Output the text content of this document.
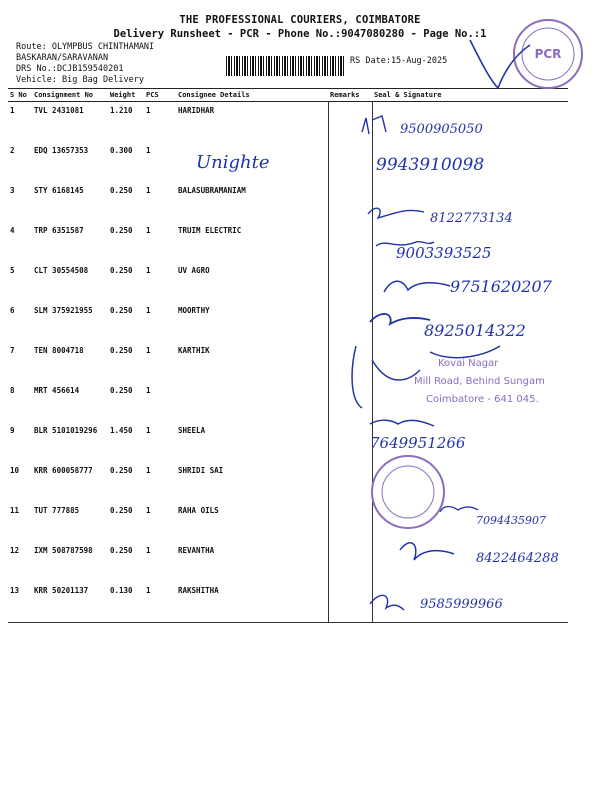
THE PROFESSIONAL COURIERS, COIMBATORE
Delivery Runsheet - PCR - Phone No.:9047080280 - Page No.:1
Route: OLYMPBUS CHINTHAMANI
BASKARAN/SARAVANAN
DRS No.:DCJB159540201
Vehicle: Big Bag Delivery
RS Date:15-Aug-2025
S No	Consignment No	Weight	PCS	Consignee Details	Remarks	Seal & Signature
1	TVL 2431081	1.210	1	HARIDHAR		
2	EDQ 13657353	0.300	1			
3	STY 6168145	0.250	1	BALASUBRAMANIAM		
4	TRP 6351587	0.250	1	TRUIM ELECTRIC		
5	CLT 30554508	0.250	1	UV AGRO		
6	SLM 375921955	0.250	1	MOORTHY		
7	TEN 8004718	0.250	1	KARTHIK		
8	MRT 456614	0.250	1			
9	BLR 5101019296	1.450	1	SHEELA		
10	KRR 600058777	0.250	1	SHRIDI SAI		
11	TUT 777885	0.250	1	RAHA OILS		
12	IXM 508787598	0.250	1	REVANTHA		
13	KRR 50201137	0.130	1	RAKSHITHA		
PCR
9500905050
Unighte	9943910098
8122773134
9003393525
9751620207
8925014322
7649951266
7094435907
8422464288
9585999966
Kovai Nagar
Mill Road, Behind Sungam
Coimbatore - 641 045.
